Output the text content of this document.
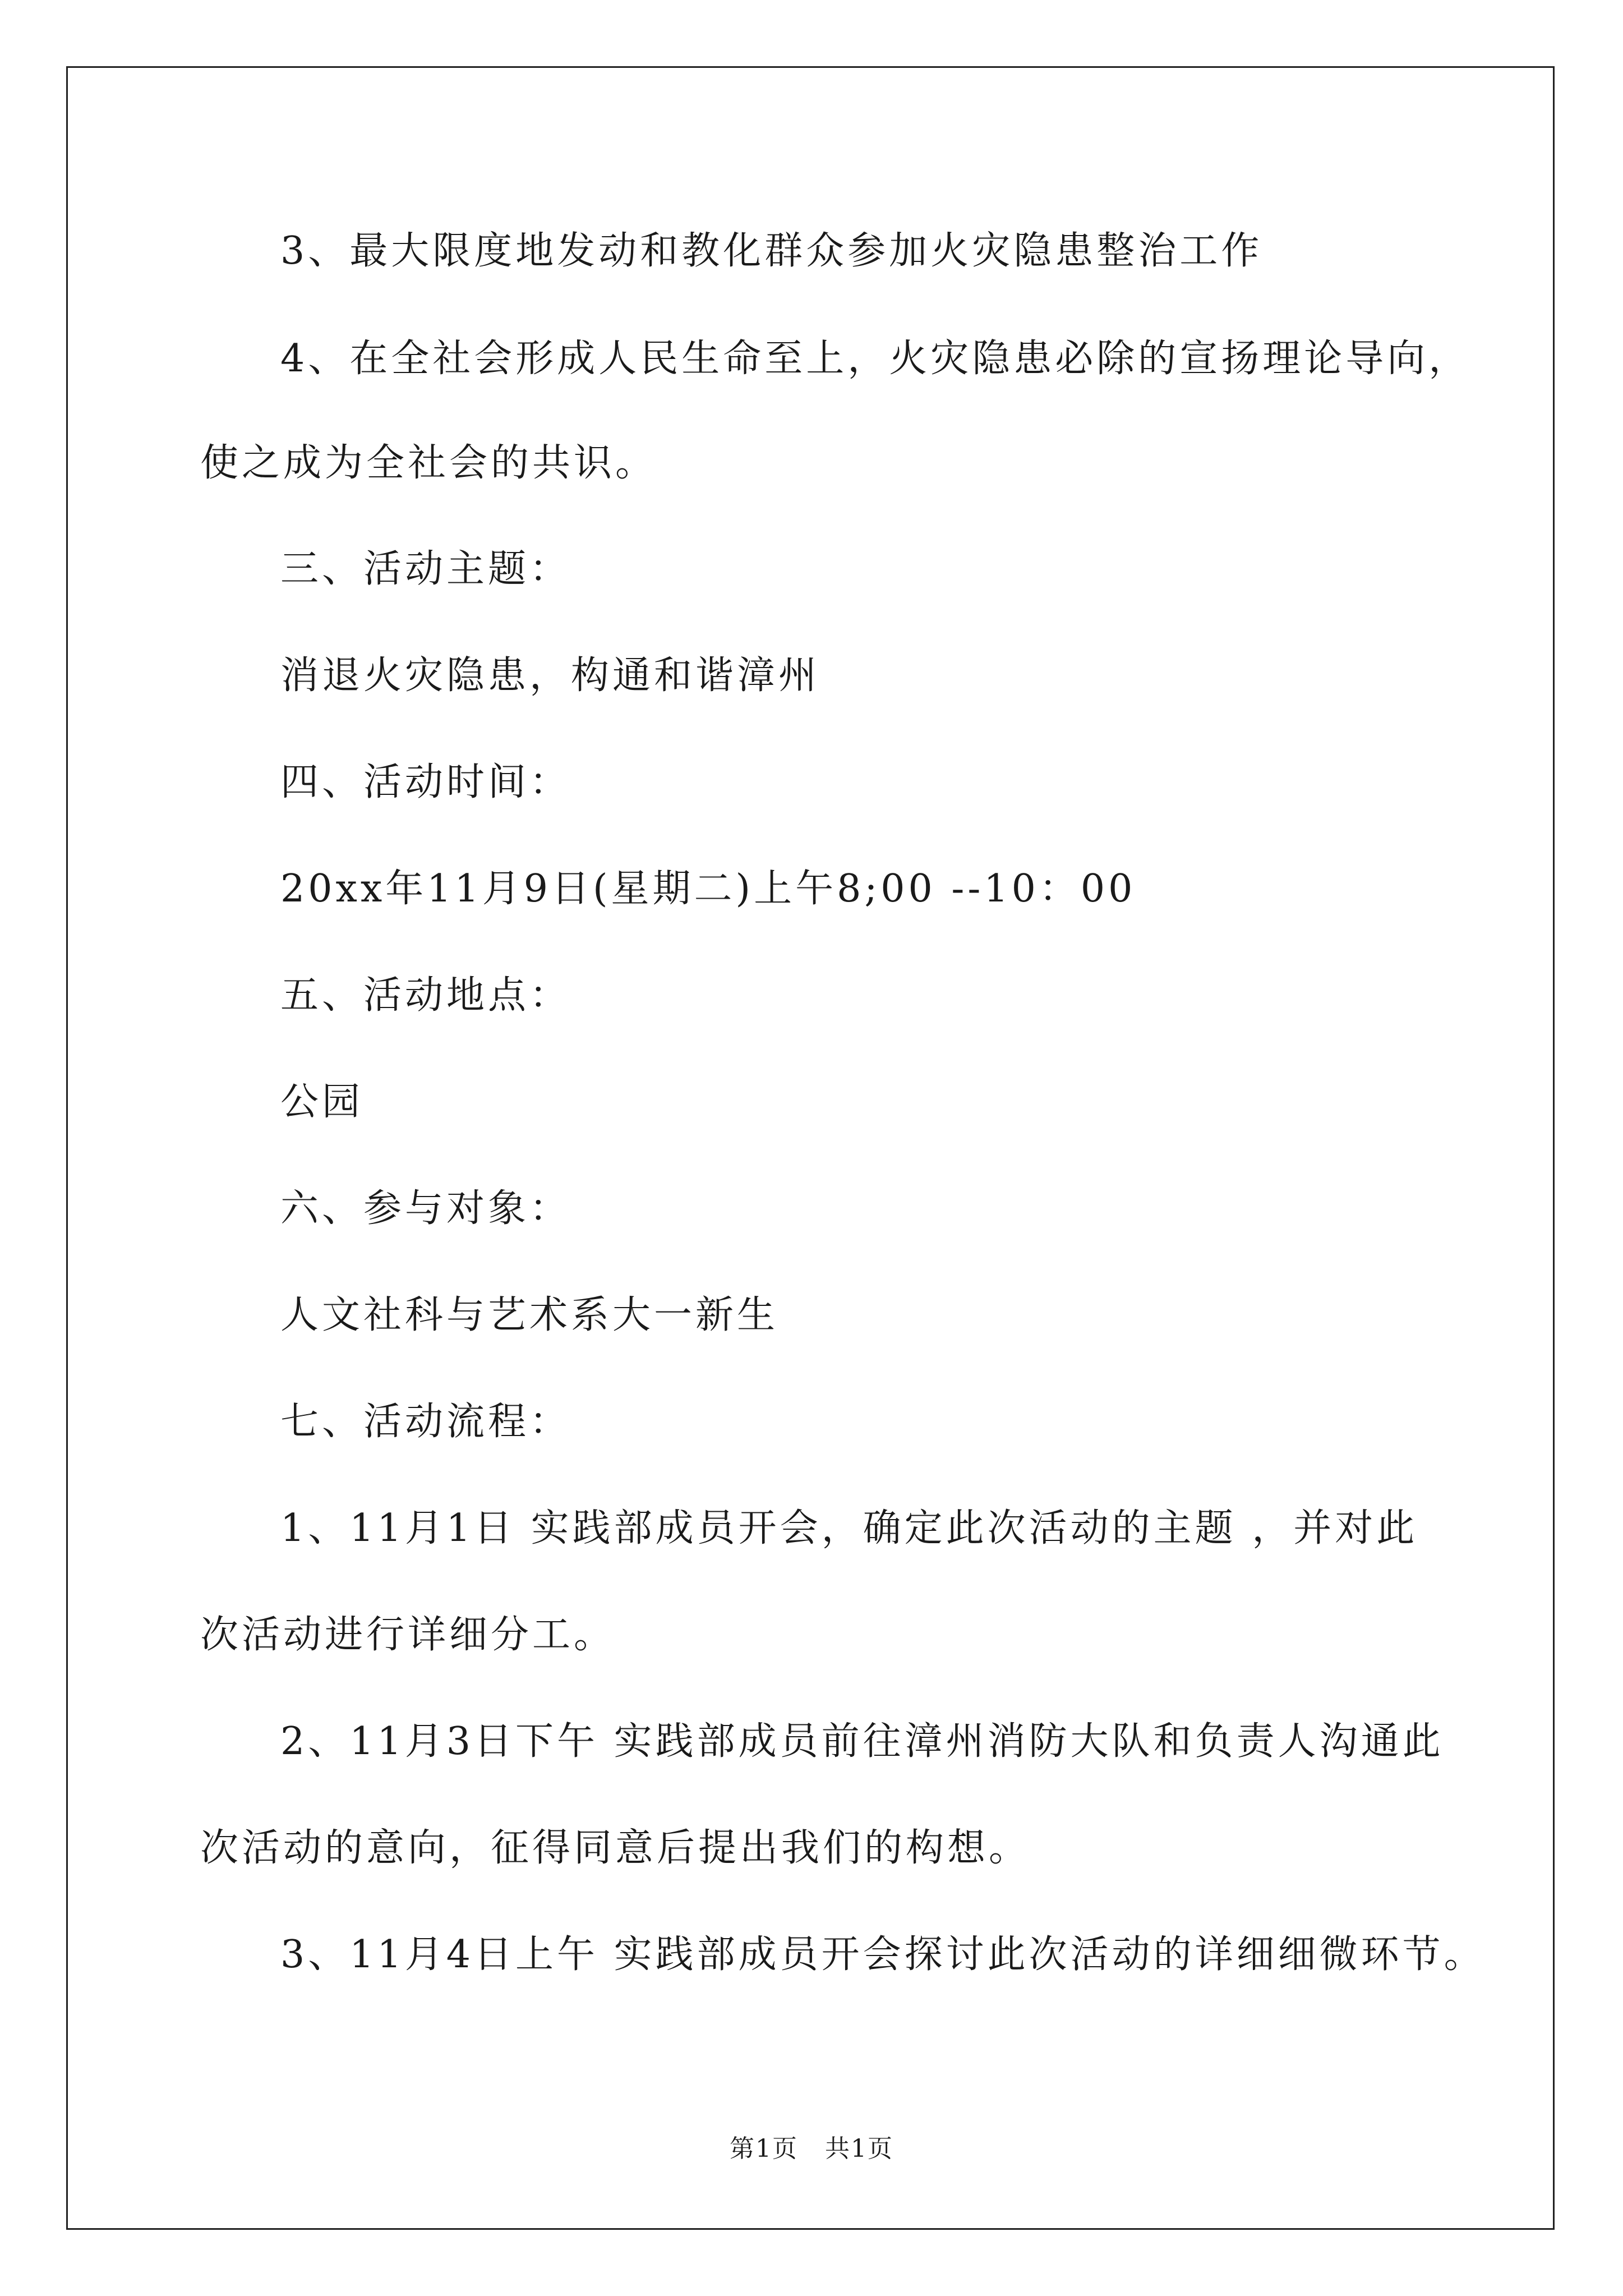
3、最大限度地发动和教化群众参加火灾隐患整治工作
4、在全社会形成人民生命至上，火灾隐患必除的宣扬理论导向，
使之成为全社会的共识。
三、活动主题：
消退火灾隐患，构通和谐漳州
四、活动时间：
20xx年11月9日(星期二)上午8;00 --10：00
五、活动地点：
公园
六、参与对象：
人文社科与艺术系大一新生
七、活动流程：
1、11月1日 实践部成员开会，确定此次活动的主题 ，并对此
次活动进行详细分工。
2、11月3日下午 实践部成员前往漳州消防大队和负责人沟通此
次活动的意向，征得同意后提出我们的构想。
3、11月4日上午 实践部成员开会探讨此次活动的详细细微环节。
第1页   共1页
